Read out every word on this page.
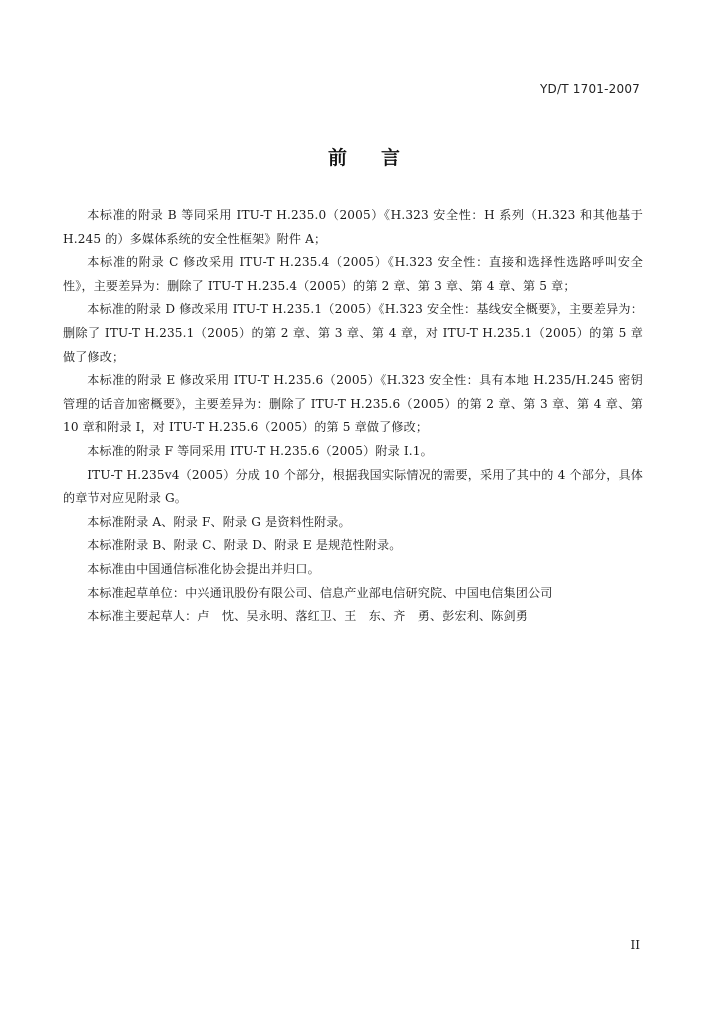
YD/T 1701-2007
前言

本标准的附录 B 等同采用 ITU-T H.235.0（2005）《H.323 安全性：H 系列（H.323 和其他基于 H.245 的）多媒体系统的安全性框架》附件 A；

本标准的附录 C 修改采用 ITU-T H.235.4（2005）《H.323 安全性：直接和选择性选路呼叫安全性》，主要差异为：删除了 ITU-T H.235.4（2005）的第 2 章、第 3 章、第 4 章、第 5 章；

本标准的附录 D 修改采用 ITU-T H.235.1（2005）《H.323 安全性：基线安全概要》，主要差异为：删除了 ITU-T H.235.1（2005）的第 2 章、第 3 章、第 4 章，对 ITU-T H.235.1（2005）的第 5 章做了修改；

本标准的附录 E 修改采用 ITU-T H.235.6（2005）《H.323 安全性：具有本地 H.235/H.245 密钥管理的话音加密概要》，主要差异为：删除了 ITU-T H.235.6（2005）的第 2 章、第 3 章、第 4 章、第 10 章和附录 I，对 ITU-T H.235.6（2005）的第 5 章做了修改；

本标准的附录 F 等同采用 ITU-T H.235.6（2005）附录 I.1。

ITU-T H.235v4（2005）分成 10 个部分，根据我国实际情况的需要，采用了其中的 4 个部分，具体的章节对应见附录 G。

本标准附录 A、附录 F、附录 G 是资料性附录。

本标准附录 B、附录 C、附录 D、附录 E 是规范性附录。

本标准由中国通信标准化协会提出并归口。

本标准起草单位：中兴通讯股份有限公司、信息产业部电信研究院、中国电信集团公司

本标准主要起草人：卢　忱、吴永明、落红卫、王　东、齐　勇、彭宏利、陈剑勇

II
